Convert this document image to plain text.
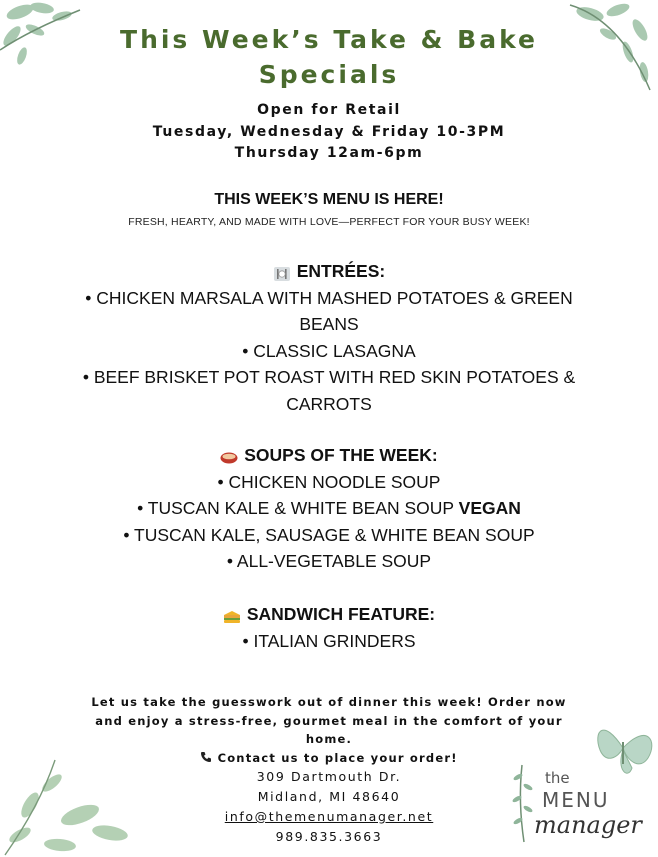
This Week’s Take & Bake
Specials
Open for Retail
Tuesday, Wednesday & Friday 10-3PM
Thursday 12am-6pm
THIS WEEK’S MENU IS HERE!
FRESH, HEARTY, AND MADE WITH LOVE—PERFECT FOR YOUR BUSY WEEK!
ENTRÉES:
• CHICKEN MARSALA WITH MASHED POTATOES & GREEN
BEANS
• CLASSIC LASAGNA
• BEEF BRISKET POT ROAST WITH RED SKIN POTATOES &
CARROTS
SOUPS OF THE WEEK:
• CHICKEN NOODLE SOUP
• TUSCAN KALE & WHITE BEAN SOUP VEGAN
• TUSCAN KALE, SAUSAGE & WHITE BEAN SOUP
• ALL-VEGETABLE SOUP
SANDWICH FEATURE:
• ITALIAN GRINDERS
Let us take the guesswork out of dinner this week! Order now
and enjoy a stress-free, gourmet meal in the comfort of your
home.
Contact us to place your order!
309 Dartmouth Dr.
Midland, MI 48640
info@themenumanager.net
989.835.3663
the
MENU
manager
